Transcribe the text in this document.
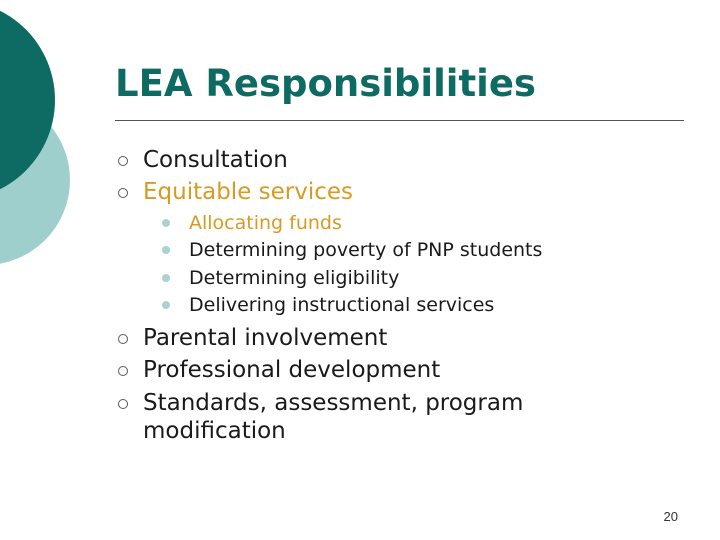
LEA Responsibilities
Consultation
Equitable services
Allocating funds
Determining poverty of PNP students
Determining eligibility
Delivering instructional services
Parental involvement
Professional development
Standards, assessment, program
modification
20
